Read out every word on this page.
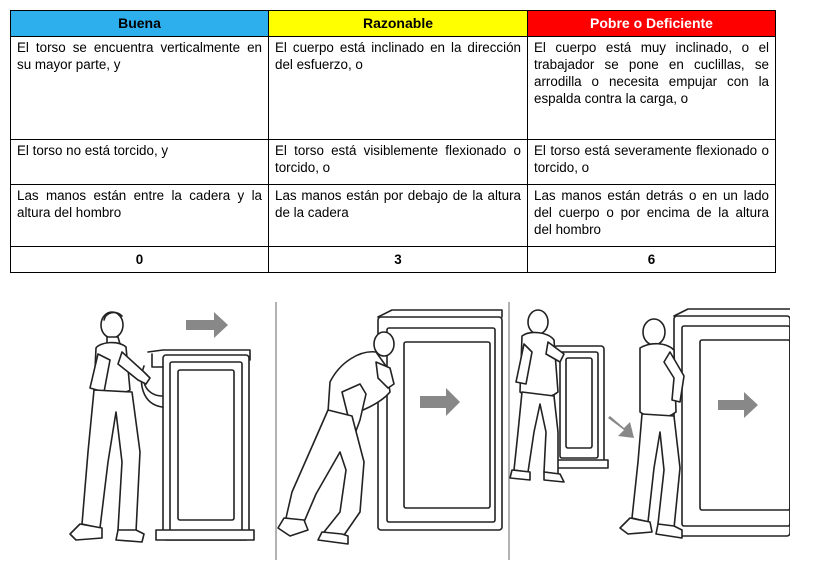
Buena	Razonable	Pobre o Deficiente
El torso se encuentra verticalmente en su mayor parte, y	El cuerpo está inclinado en la dirección del esfuerzo, o	El cuerpo está muy inclinado, o el trabajador se pone en cuclillas, se arrodilla o necesita empujar con la espalda contra la carga, o
El torso no está torcido, y	El torso está visiblemente flexionado o torcido, o	El torso está severamente flexionado o torcido, o
Las manos están entre la cadera y la altura del hombro	Las manos están por debajo de la altura de la cadera	Las manos están detrás o en un lado del cuerpo o por encima de la altura del hombro
0	3	6
